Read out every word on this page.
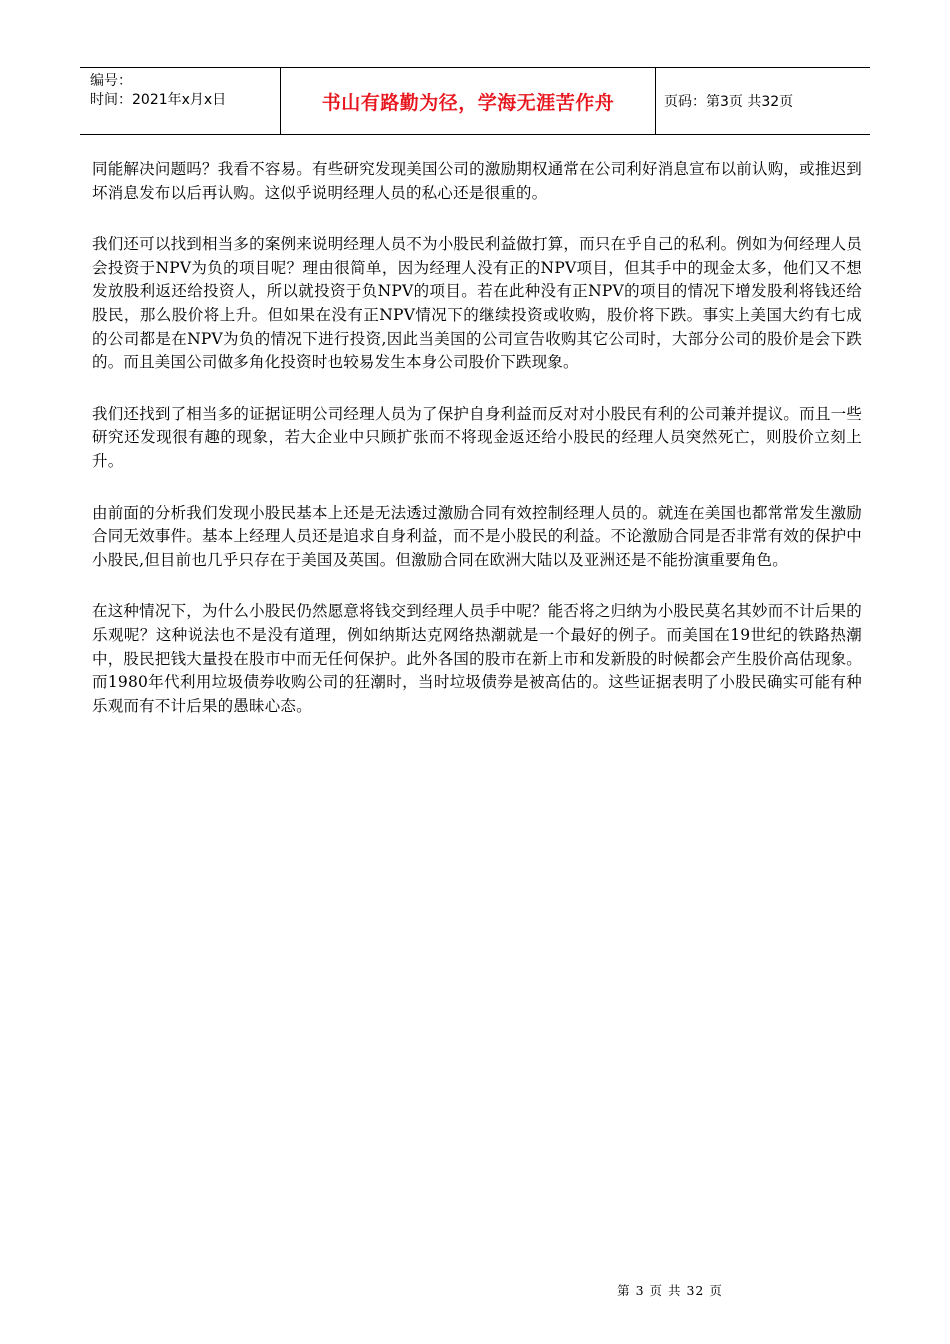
编号：
时间：2021年x月x日	书山有路勤为径，学海无涯苦作舟	页码：第3页 共32页

同能解决问题吗？我看不容易。有些研究发现美国公司的激励期权通常在公司利好消息宣布以前认购，或推迟到坏消息发布以后再认购。这似乎说明经理人员的私心还是很重的。

我们还可以找到相当多的案例来说明经理人员不为小股民利益做打算，而只在乎自己的私利。例如为何经理人员会投资于NPV为负的项目呢？理由很简单，因为经理人没有正的NPV项目，但其手中的现金太多，他们又不想发放股利返还给投资人，所以就投资于负NPV的项目。若在此种没有正NPV的项目的情况下增发股利将钱还给股民，那么股价将上升。但如果在没有正NPV情况下的继续投资或收购，股价将下跌。事实上美国大约有七成的公司都是在NPV为负的情况下进行投资,因此当美国的公司宣告收购其它公司时，大部分公司的股价是会下跌的。而且美国公司做多角化投资时也较易发生本身公司股价下跌现象。

我们还找到了相当多的证据证明公司经理人员为了保护自身利益而反对对小股民有利的公司兼并提议。而且一些研究还发现很有趣的现象，若大企业中只顾扩张而不将现金返还给小股民的经理人员突然死亡，则股价立刻上升。

由前面的分析我们发现小股民基本上还是无法透过激励合同有效控制经理人员的。就连在美国也都常常发生激励合同无效事件。基本上经理人员还是追求自身利益，而不是小股民的利益。不论激励合同是否非常有效的保护中小股民,但目前也几乎只存在于美国及英国。但激励合同在欧洲大陆以及亚洲还是不能扮演重要角色。

在这种情况下，为什么小股民仍然愿意将钱交到经理人员手中呢？能否将之归纳为小股民莫名其妙而不计后果的乐观呢？这种说法也不是没有道理，例如纳斯达克网络热潮就是一个最好的例子。而美国在19世纪的铁路热潮中，股民把钱大量投在股市中而无任何保护。此外各国的股市在新上市和发新股的时候都会产生股价高估现象。而1980年代利用垃圾债券收购公司的狂潮时，当时垃圾债券是被高估的。这些证据表明了小股民确实可能有种乐观而有不计后果的愚昧心态。

第 3 页 共 32 页
